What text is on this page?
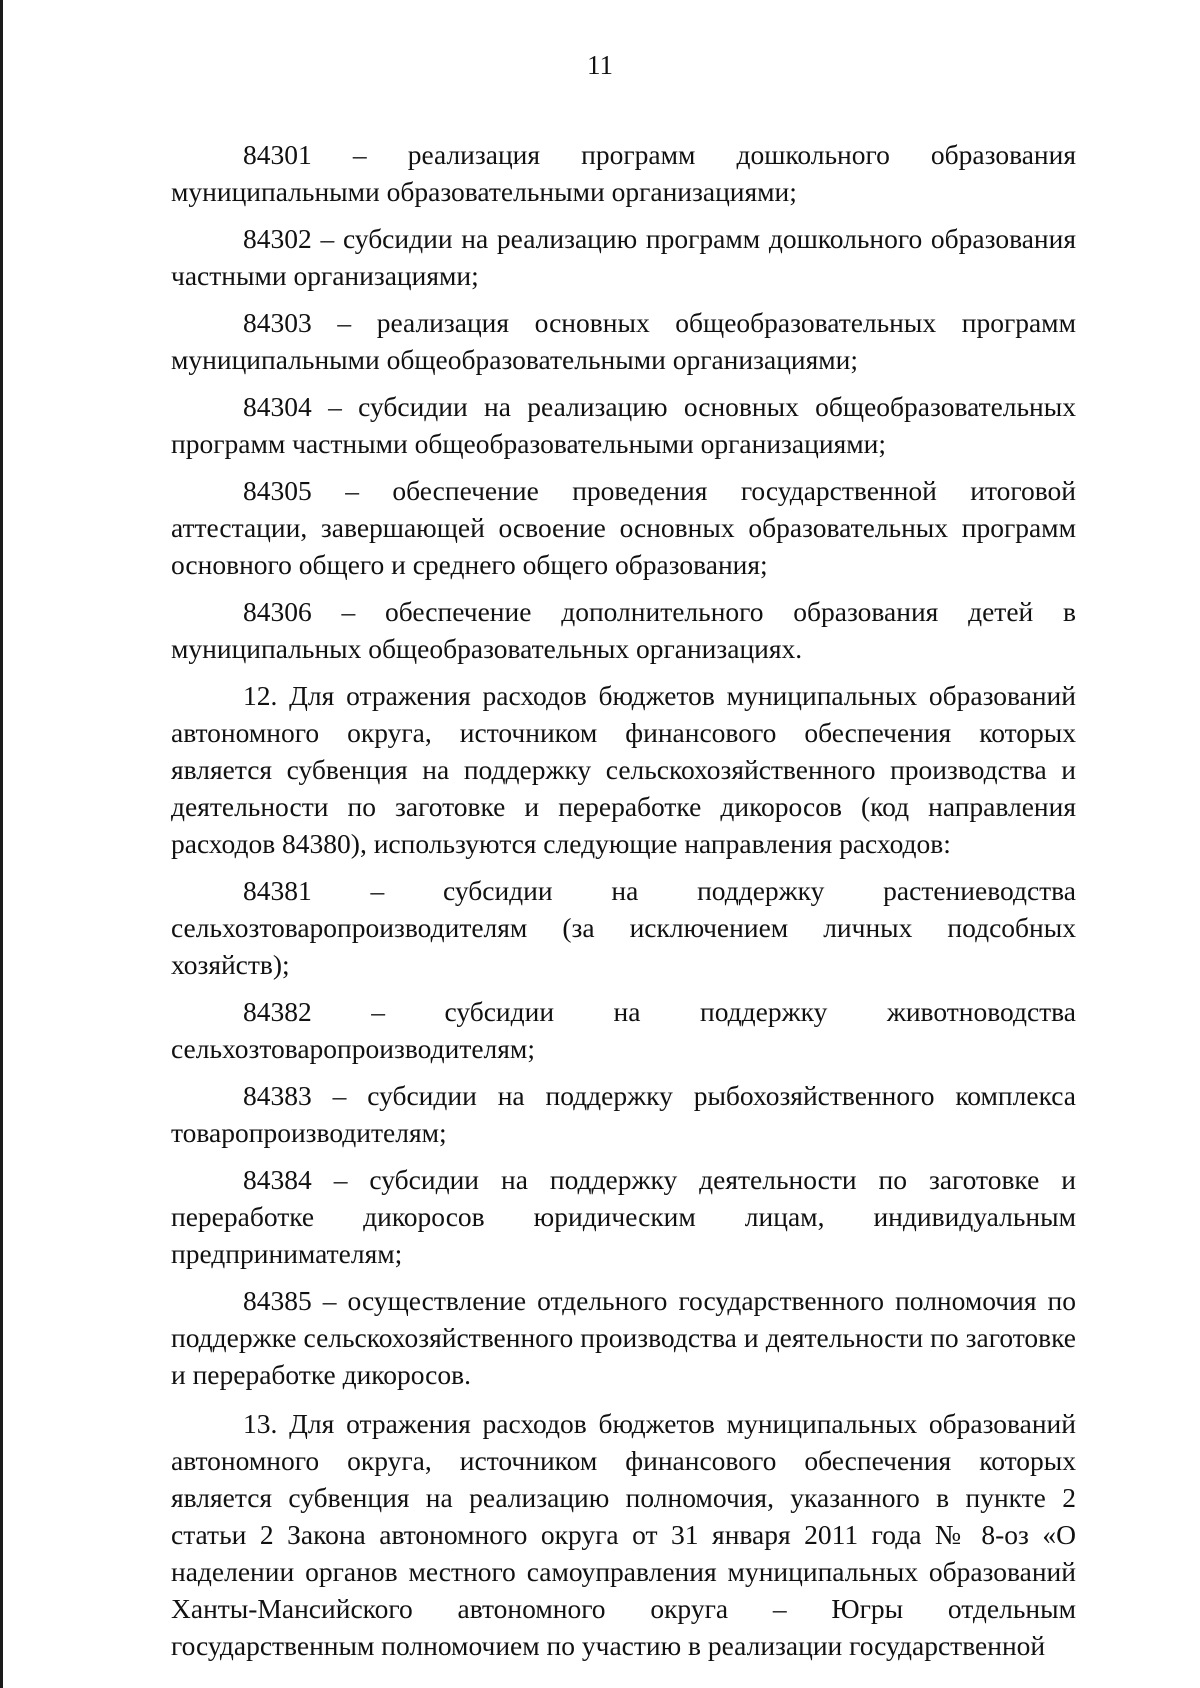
11

84301 – реализация программ дошкольного образования муниципальными образовательными организациями;

84302 – субсидии на реализацию программ дошкольного образования частными организациями;

84303 – реализация основных общеобразовательных программ муниципальными общеобразовательными организациями;

84304 – субсидии на реализацию основных общеобразовательных программ частными общеобразовательными организациями;

84305 – обеспечение проведения государственной итоговой аттестации, завершающей освоение основных образовательных программ основного общего и среднего общего образования;

84306 – обеспечение дополнительного образования детей в муниципальных общеобразовательных организациях.

12. Для отражения расходов бюджетов муниципальных образований автономного округа, источником финансового обеспечения которых является субвенция на поддержку сельскохозяйственного производства и деятельности по заготовке и переработке дикоросов (код направления расходов 84380), используются следующие направления расходов:

84381 – субсидии на поддержку растениеводства сельхозтоваропроизводителям (за исключением личных подсобных хозяйств);

84382 – субсидии на поддержку животноводства сельхозтоваропроизводителям;

84383 – субсидии на поддержку рыбохозяйственного комплекса товаропроизводителям;

84384 – субсидии на поддержку деятельности по заготовке и переработке дикоросов юридическим лицам, индивидуальным предпринимателям;

84385 – осуществление отдельного государственного полномочия по поддержке сельскохозяйственного производства и деятельности по заготовке и переработке дикоросов.

13. Для отражения расходов бюджетов муниципальных образований автономного округа, источником финансового обеспечения которых является субвенция на реализацию полномочия, указанного в пункте 2 статьи 2 Закона автономного округа от 31 января 2011 года № 8-оз «О наделении органов местного самоуправления муниципальных образований Ханты-Мансийского автономного округа – Югры отдельным государственным полномочием по участию в реализации государственной
